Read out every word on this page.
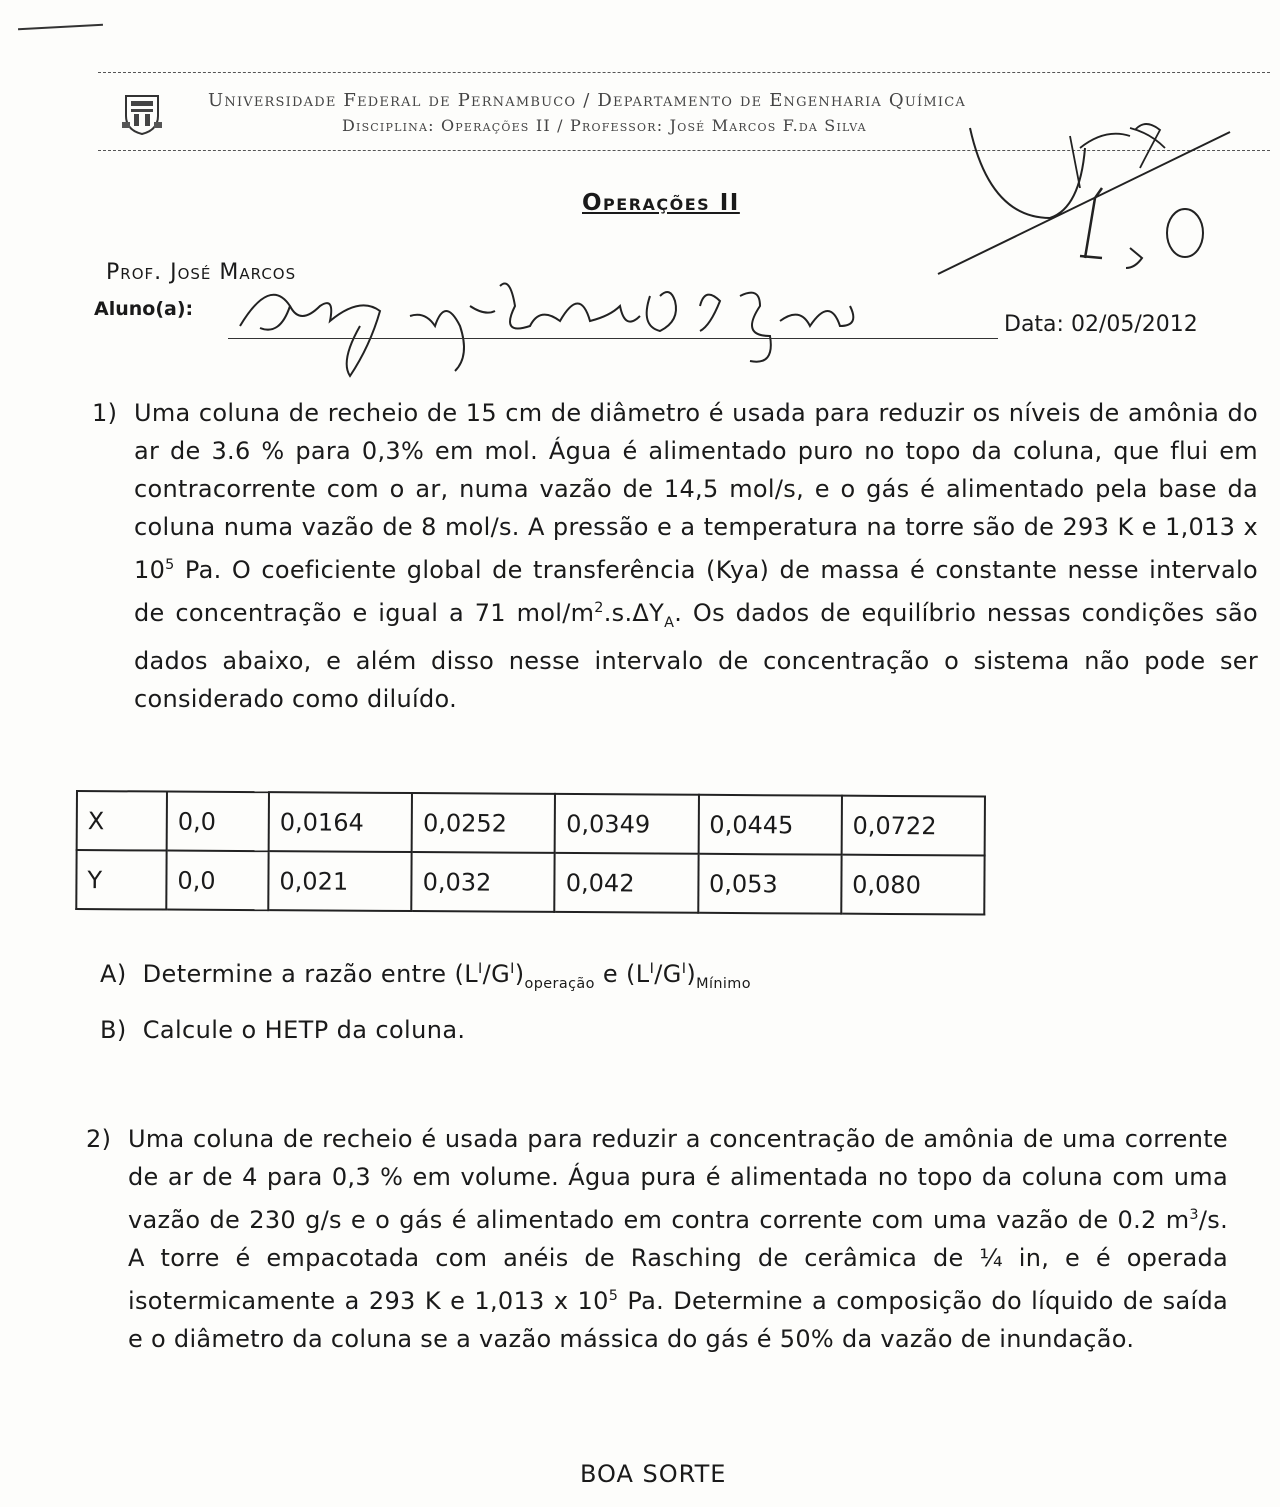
Universidade Federal de Pernambuco / Departamento de Engenharia Química
Disciplina: Operações II / Professor: José Marcos F.da Silva
Operações II
Prof. José Marcos
Aluno(a):
Data: 02/05/2012
1) Uma coluna de recheio de 15 cm de diâmetro é usada para reduzir os níveis de amônia do ar de 3.6 % para 0,3% em mol. Água é alimentado puro no topo da coluna, que flui em contracorrente com o ar, numa vazão de 14,5 mol/s, e o gás é alimentado pela base da coluna numa vazão de 8 mol/s. A pressão e a temperatura na torre são de 293 K e 1,013 x $10^5$ Pa. O coeficiente global de transferência (Kya) de massa é constante nesse intervalo de concentração e igual a 71 mol/$m^2.s.\Delta Y_A$. Os dados de equilíbrio nessas condições são dados abaixo, e além disso nesse intervalo de concentração o sistema não pode ser considerado como diluído.
X	0,0	0,0164	0,0252	0,0349	0,0445	0,0722
Y	0,0	0,021	0,032	0,042	0,053	0,080
A) Determine a razão entre $(L^I/G^I)_{operação}$ e $(L^I/G^I)_{Mínimo}$
B) Calcule o HETP da coluna.
2) Uma coluna de recheio é usada para reduzir a concentração de amônia de uma corrente de ar de 4 para 0,3 % em volume. Água pura é alimentada no topo da coluna com uma vazão de 230 g/s e o gás é alimentado em contra corrente com uma vazão de 0.2 $m^3/s$. A torre é empacotada com anéis de Rasching de cerâmica de ¼ in, e é operada isotermicamente a 293 K e 1,013 x $10^5$ Pa. Determine a composição do líquido de saída e o diâmetro da coluna se a vazão mássica do gás é 50% da vazão de inundação.
BOA SORTE
